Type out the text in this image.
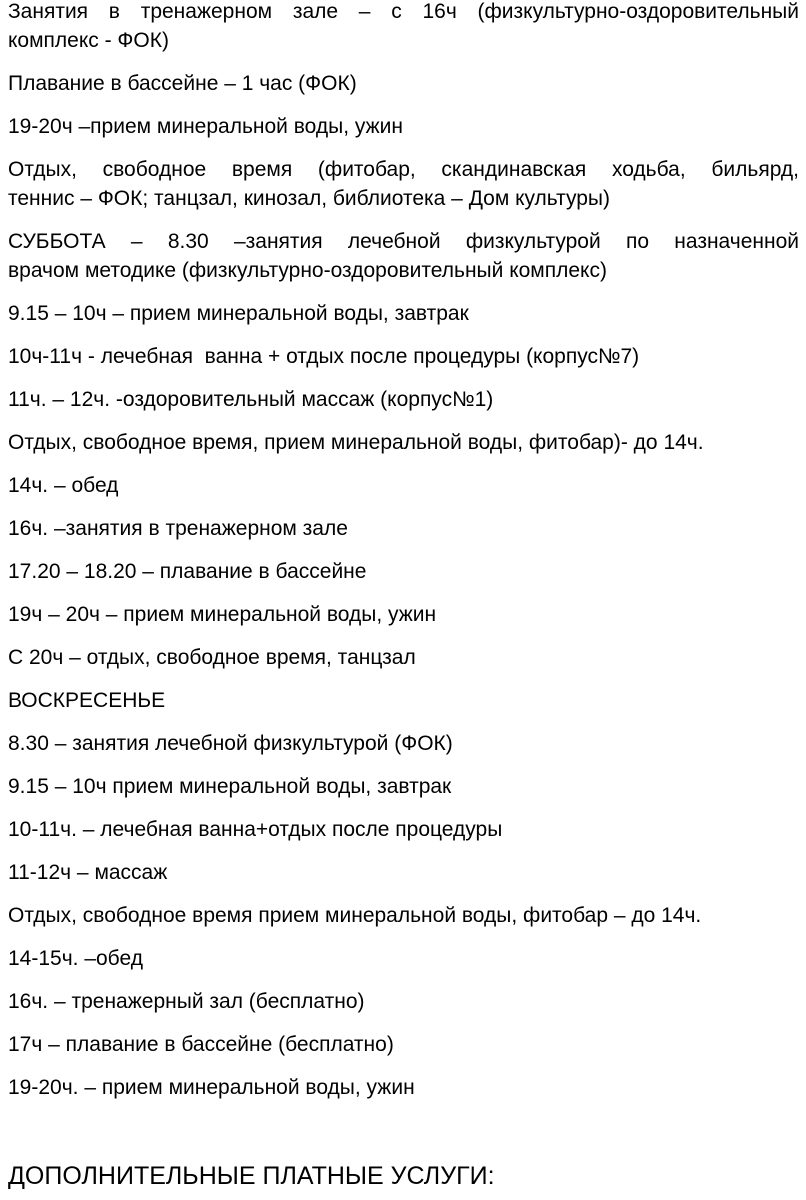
Занятия в тренажерном зале – с 16ч (физкультурно-оздоровительный
комплекс - ФОК)
Плавание в бассейне – 1 час (ФОК)
19-20ч –прием минеральной воды, ужин
Отдых, свободное время (фитобар, скандинавская ходьба, бильярд,
теннис – ФОК; танцзал, кинозал, библиотека – Дом культуры)
СУББОТА – 8.30 –занятия лечебной физкультурой по назначенной
врачом методике (физкультурно-оздоровительный комплекс)
9.15 – 10ч – прием минеральной воды, завтрак
10ч-11ч - лечебная  ванна + отдых после процедуры (корпус№7)
11ч. – 12ч. -оздоровительный массаж (корпус№1)
Отдых, свободное время, прием минеральной воды, фитобар)- до 14ч.
14ч. – обед
16ч. –занятия в тренажерном зале
17.20 – 18.20 – плавание в бассейне
19ч – 20ч – прием минеральной воды, ужин
С 20ч – отдых, свободное время, танцзал
ВОСКРЕСЕНЬЕ
8.30 – занятия лечебной физкультурой (ФОК)
9.15 – 10ч прием минеральной воды, завтрак
10-11ч. – лечебная ванна+отдых после процедуры
11-12ч – массаж
Отдых, свободное время прием минеральной воды, фитобар – до 14ч.
14-15ч. –обед
16ч. – тренажерный зал (бесплатно)
17ч – плавание в бассейне (бесплатно)
19-20ч. – прием минеральной воды, ужин
ДОПОЛНИТЕЛЬНЫЕ ПЛАТНЫЕ УСЛУГИ:
